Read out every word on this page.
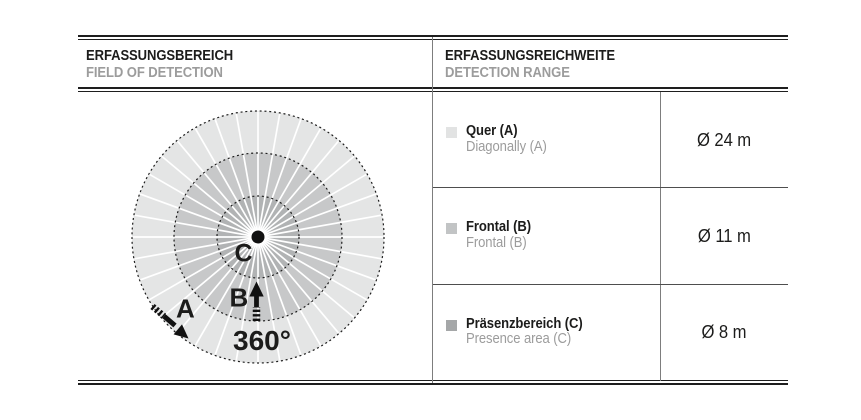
ERFASSUNGSBEREICH
FIELD OF DETECTION
ERFASSUNGSREICHWEITE
DETECTION RANGE
C
B
A
360°
Quer (A)
Diagonally (A)	Ø 24 m
Frontal (B)
Frontal (B)	Ø 11 m
Präsenzbereich (C)
Presence area (C)	Ø 8 m
